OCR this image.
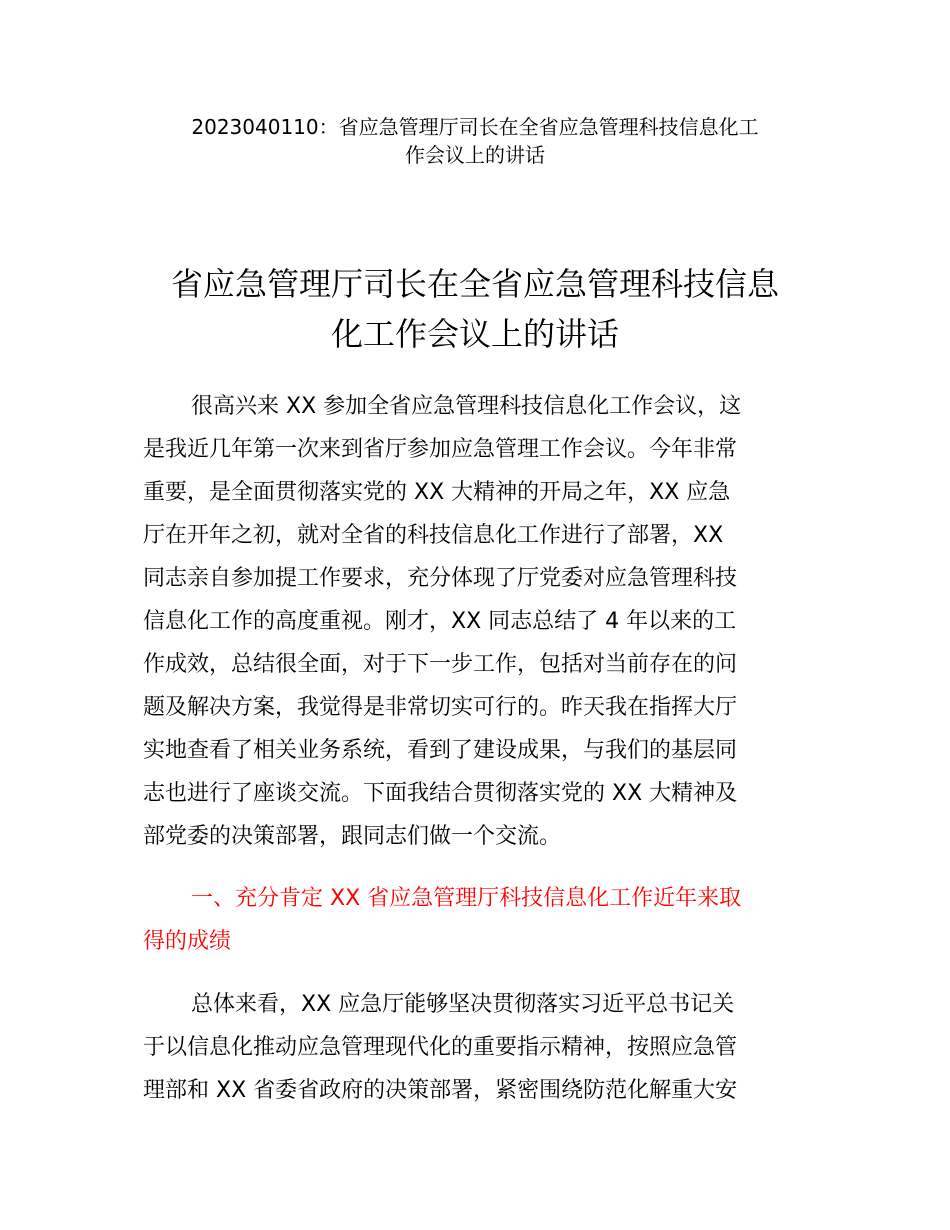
2023040110：省应急管理厅司长在全省应急管理科技信息化工
作会议上的讲话
省应急管理厅司长在全省应急管理科技信息
化工作会议上的讲话
很高兴来 XX 参加全省应急管理科技信息化工作会议，这
是我近几年第一次来到省厅参加应急管理工作会议。今年非常
重要，是全面贯彻落实党的 XX 大精神的开局之年，XX 应急
厅在开年之初，就对全省的科技信息化工作进行了部署，XX
同志亲自参加提工作要求，充分体现了厅党委对应急管理科技
信息化工作的高度重视。刚才，XX 同志总结了 4 年以来的工
作成效，总结很全面，对于下一步工作，包括对当前存在的问
题及解决方案，我觉得是非常切实可行的。昨天我在指挥大厅
实地查看了相关业务系统，看到了建设成果，与我们的基层同
志也进行了座谈交流。下面我结合贯彻落实党的 XX 大精神及
部党委的决策部署，跟同志们做一个交流。
一、充分肯定 XX 省应急管理厅科技信息化工作近年来取
得的成绩
总体来看，XX 应急厅能够坚决贯彻落实习近平总书记关
于以信息化推动应急管理现代化的重要指示精神，按照应急管
理部和 XX 省委省政府的决策部署，紧密围绕防范化解重大安
